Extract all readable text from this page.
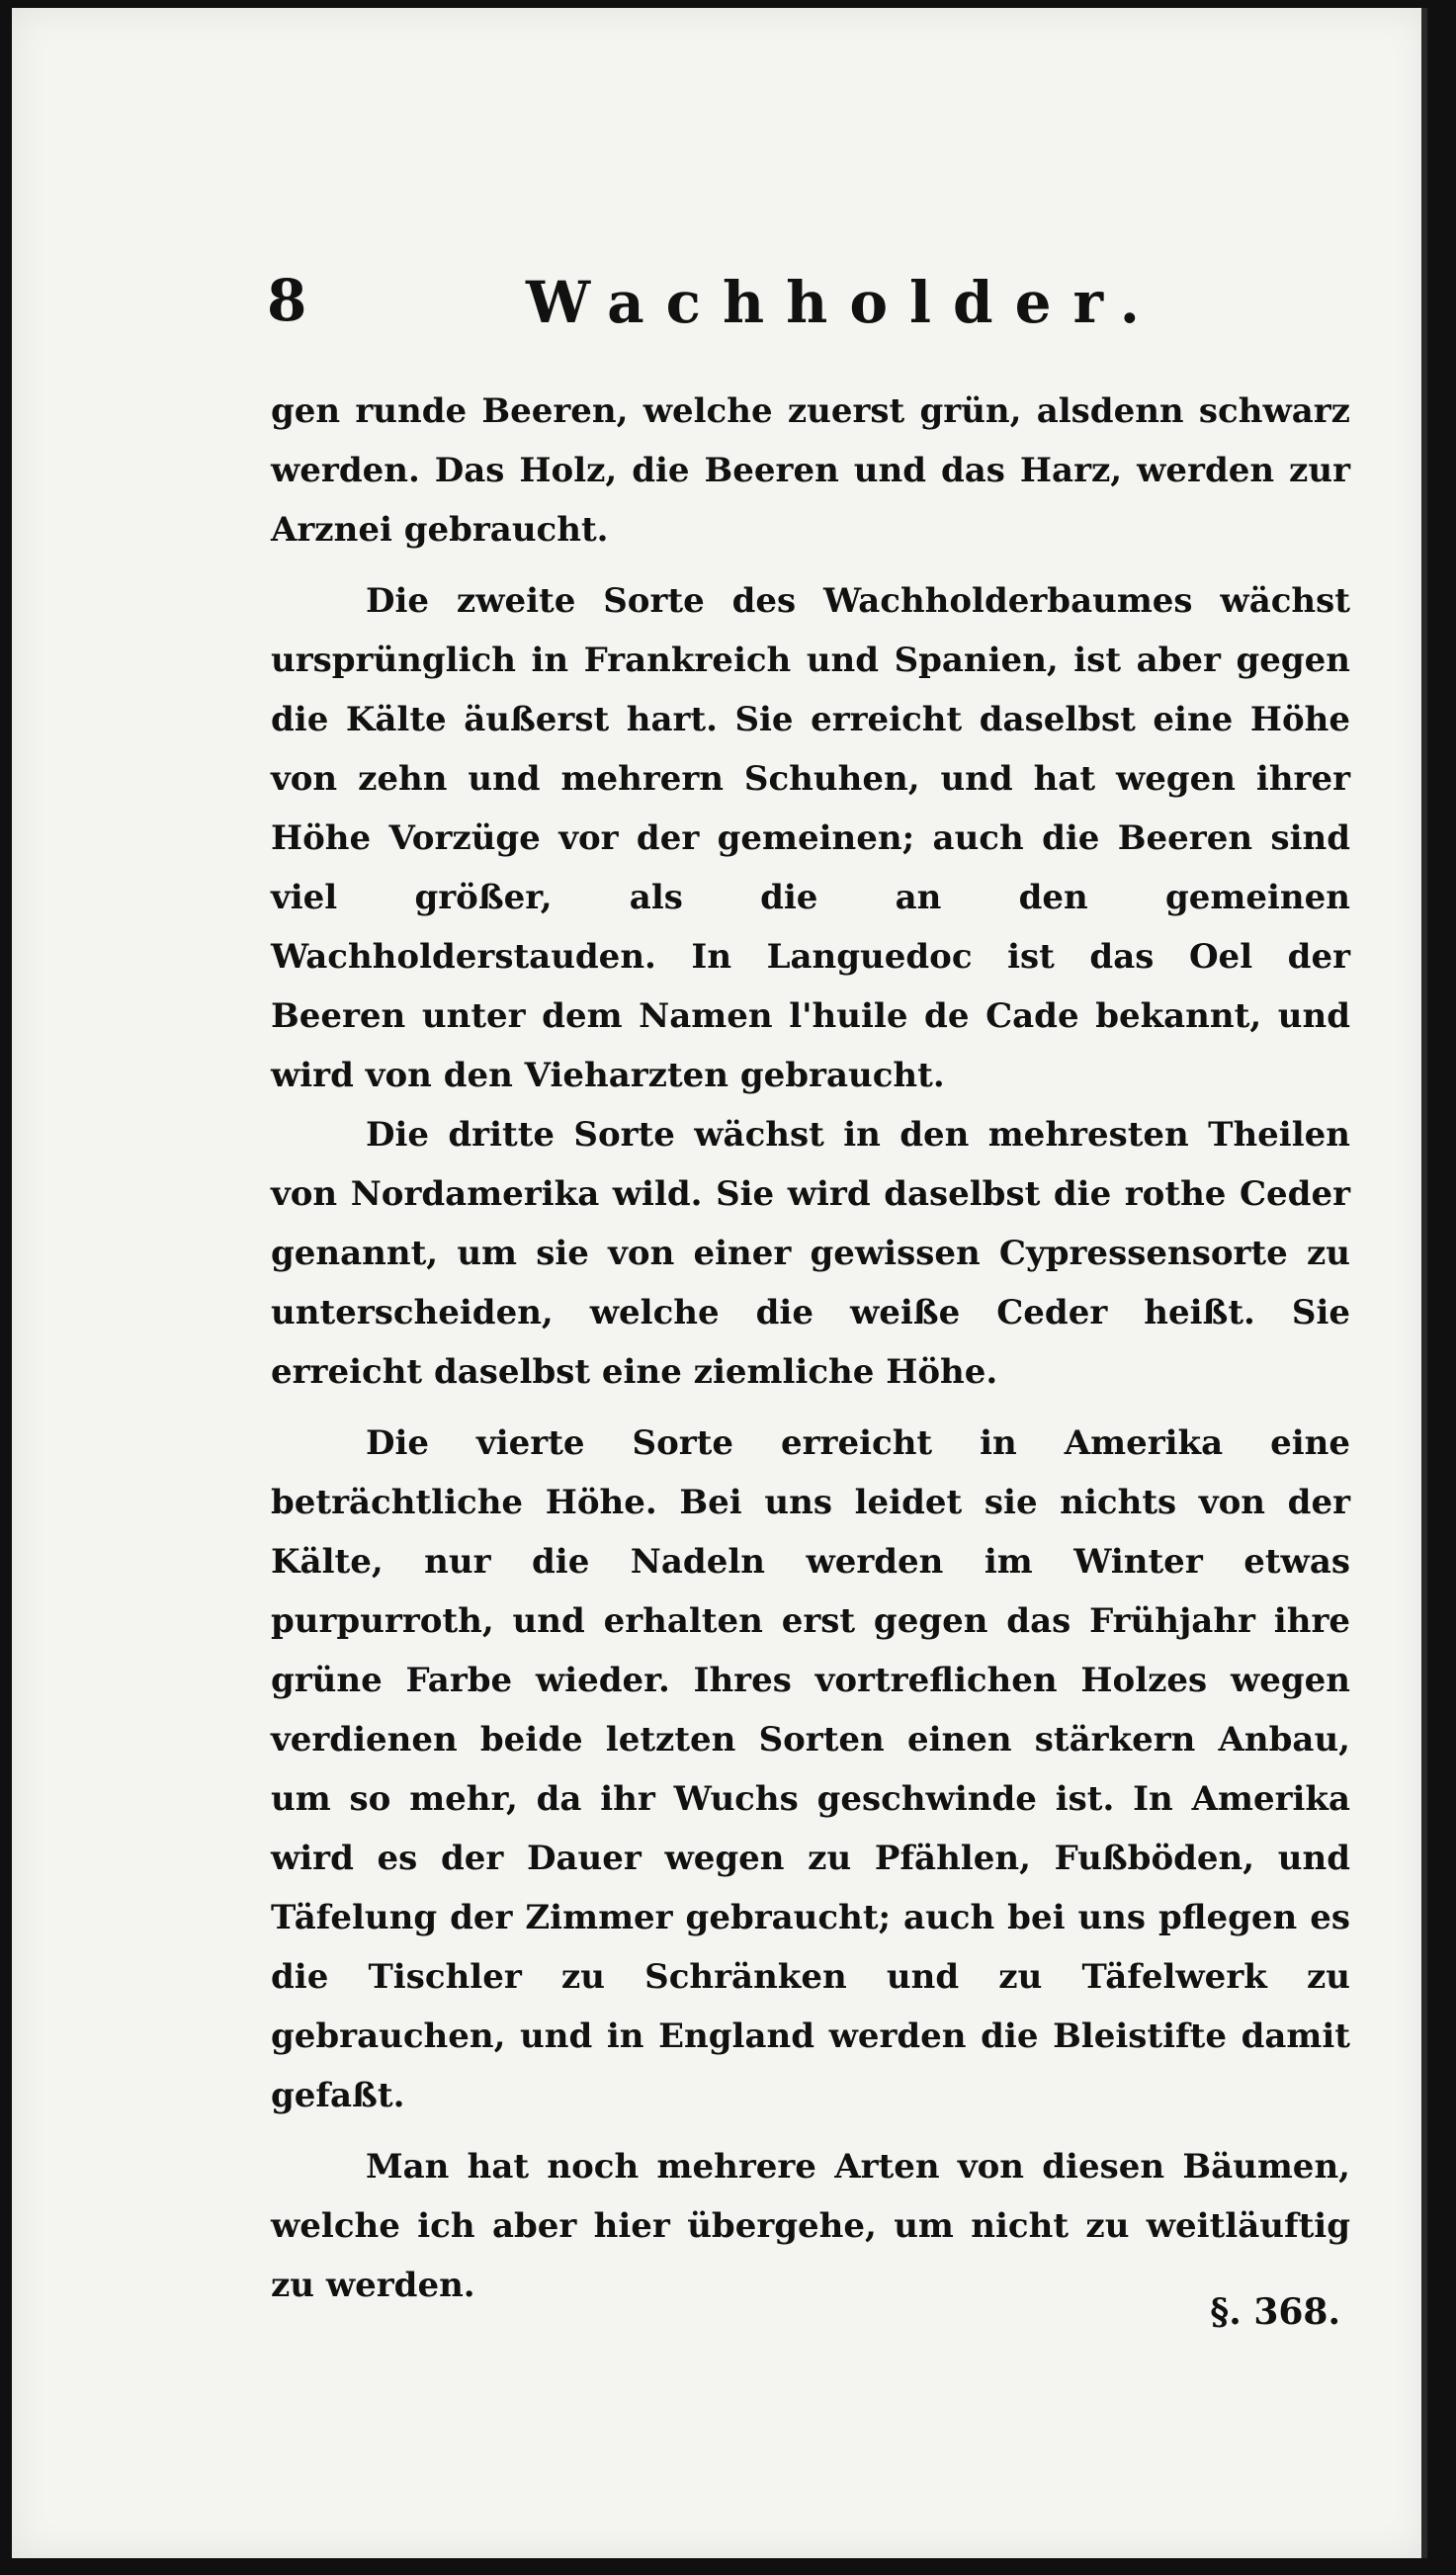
8	Wachholder.

gen runde Beeren, welche zuerst grün, alsdenn schwarz werden. Das Holz, die Beeren und das Harz, werden zur Arznei gebraucht.

Die zweite Sorte des Wachholderbaumes wächst ursprünglich in Frankreich und Spanien, ist aber gegen die Kälte äußerst hart. Sie erreicht daselbst eine Höhe von zehn und mehrern Schuhen, und hat wegen ihrer Höhe Vorzüge vor der gemeinen; auch die Beeren sind viel größer, als die an den gemeinen Wachholderstauden. In Languedoc ist das Oel der Beeren unter dem Namen l'huile de Cade bekannt, und wird von den Vieharzten gebraucht.

Die dritte Sorte wächst in den mehresten Theilen von Nordamerika wild. Sie wird daselbst die rothe Ceder genannt, um sie von einer gewissen Cypressensorte zu unterscheiden, welche die weiße Ceder heißt. Sie erreicht daselbst eine ziemliche Höhe.

Die vierte Sorte erreicht in Amerika eine beträchtliche Höhe. Bei uns leidet sie nichts von der Kälte, nur die Nadeln werden im Winter etwas purpurroth, und erhalten erst gegen das Frühjahr ihre grüne Farbe wieder. Ihres vortreflichen Holzes wegen verdienen beide letzten Sorten einen stärkern Anbau, um so mehr, da ihr Wuchs geschwinde ist. In Amerika wird es der Dauer wegen zu Pfählen, Fußböden, und Täfelung der Zimmer gebraucht; auch bei uns pflegen es die Tischler zu Schränken und zu Täfelwerk zu gebrauchen, und in England werden die Bleistifte damit gefaßt.

Man hat noch mehrere Arten von diesen Bäumen, welche ich aber hier übergehe, um nicht zu weitläuftig zu werden.

§. 368.
